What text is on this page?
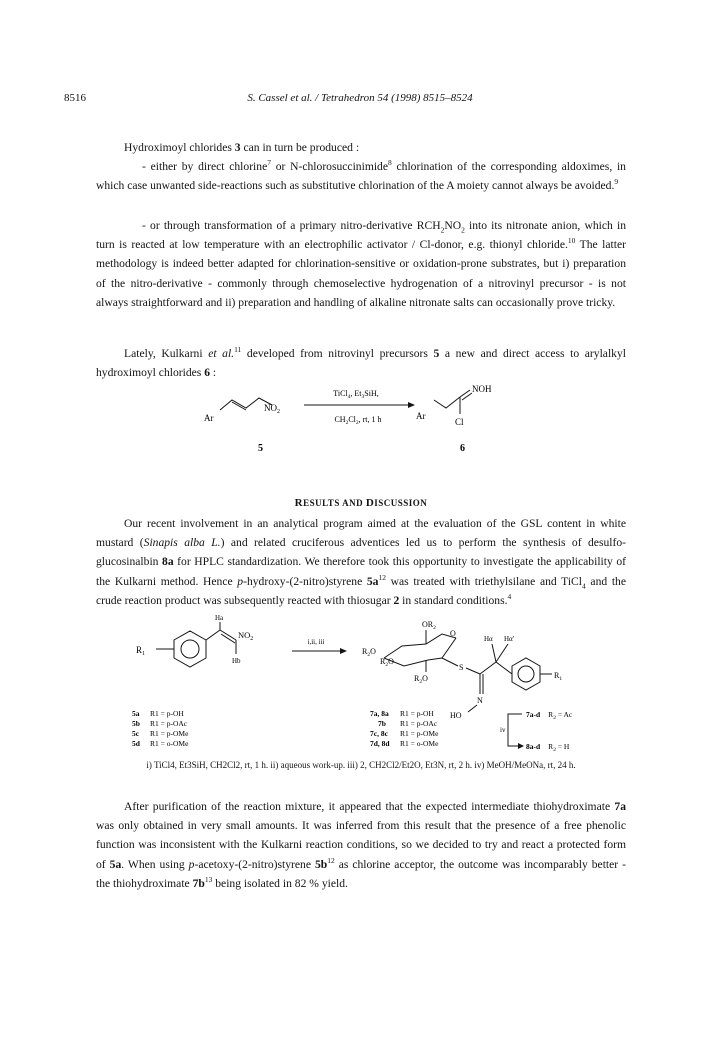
8516	S. Cassel et al. / Tetrahedron 54 (1998) 8515–8524

Hydroximoyl chlorides 3 can in turn be produced :

- either by direct chlorine$^7$ or N-chlorosuccinimide$^8$ chlorination of the corresponding aldoximes, in which case unwanted side-reactions such as substitutive chlorination of the A moiety cannot always be avoided.$^9$

- or through transformation of a primary nitro-derivative $RCH_2NO_2$ into its nitronate anion, which in turn is reacted at low temperature with an electrophilic activator / Cl-donor, e.g. thionyl chloride.$^{10}$ The latter methodology is indeed better adapted for chlorination-sensitive or oxidation-prone substrates, but i) preparation of the nitro-derivative - commonly through chemoselective hydrogenation of a nitrovinyl precursor - is not always straightforward and ii) preparation and handling of alkaline nitronate salts can occasionally prove tricky.

Lately, Kulkarni et al.$^{11}$ developed from nitrovinyl precursors 5 a new and direct access to arylalkyl hydroximoyl chlorides 6 :

Ar
$NO_2$
TiCl$_4$, $Et_3SiH$,
$CH_2Cl_2$, rt, 1 h	Ar
NOH
Cl
5	6
RESULTS AND DISCUSSION

Our recent involvement in an analytical program aimed at the evaluation of the GSL content in white mustard (Sinapis alba L.) and related cruciferous adventices led us to perform the synthesis of desulfo-glucosinalbin 8a for HPLC standardization. We therefore took this opportunity to investigate the applicability of the Kulkarni method. Hence p-hydroxy-(2-nitro)styrene $5a^{12}$ was treated with triethylsilane and TiCl$_4$ and the crude reaction product was subsequently reacted with thiosugar 2 in standard conditions.$^4$

$R_1$
Ha
Hb
$NO_2$	i,ii, iii
$OR_2$
O
$R_2O$
$R_2O$
$R_2O$
S
N
HO
Hα Hα'
$R_1$
5a R1 = p-OH
5b R1 = p-OAc
5c R1 = p-OMe
5d R1 = o-OMe
7a, 8a R1 = p-OH
7b R1 = p-OAc
7c, 8c R1 = p-OMe
7d, 8d R1 = o-OMe
iv
7a-d $R_2 = Ac$
8a-d $R_2 = H$
i) TiCl4, Et3SiH, CH2Cl2, rt, 1 h. ii) aqueous work-up. iii) 2, CH2Cl2/Et2O, Et3N, rt, 2 h. iv) MeOH/MeONa, rt, 24 h.

After purification of the reaction mixture, it appeared that the expected intermediate thiohydroximate 7a was only obtained in very small amounts. It was inferred from this result that the presence of a free phenolic function was inconsistent with the Kulkarni reaction conditions, so we decided to try and react a protected form of 5a. When using p-acetoxy-(2-nitro)styrene $5b^{12}$ as chlorine acceptor, the outcome was incomparably better - the thiohydroximate $7b^{13}$ being isolated in 82 % yield.
